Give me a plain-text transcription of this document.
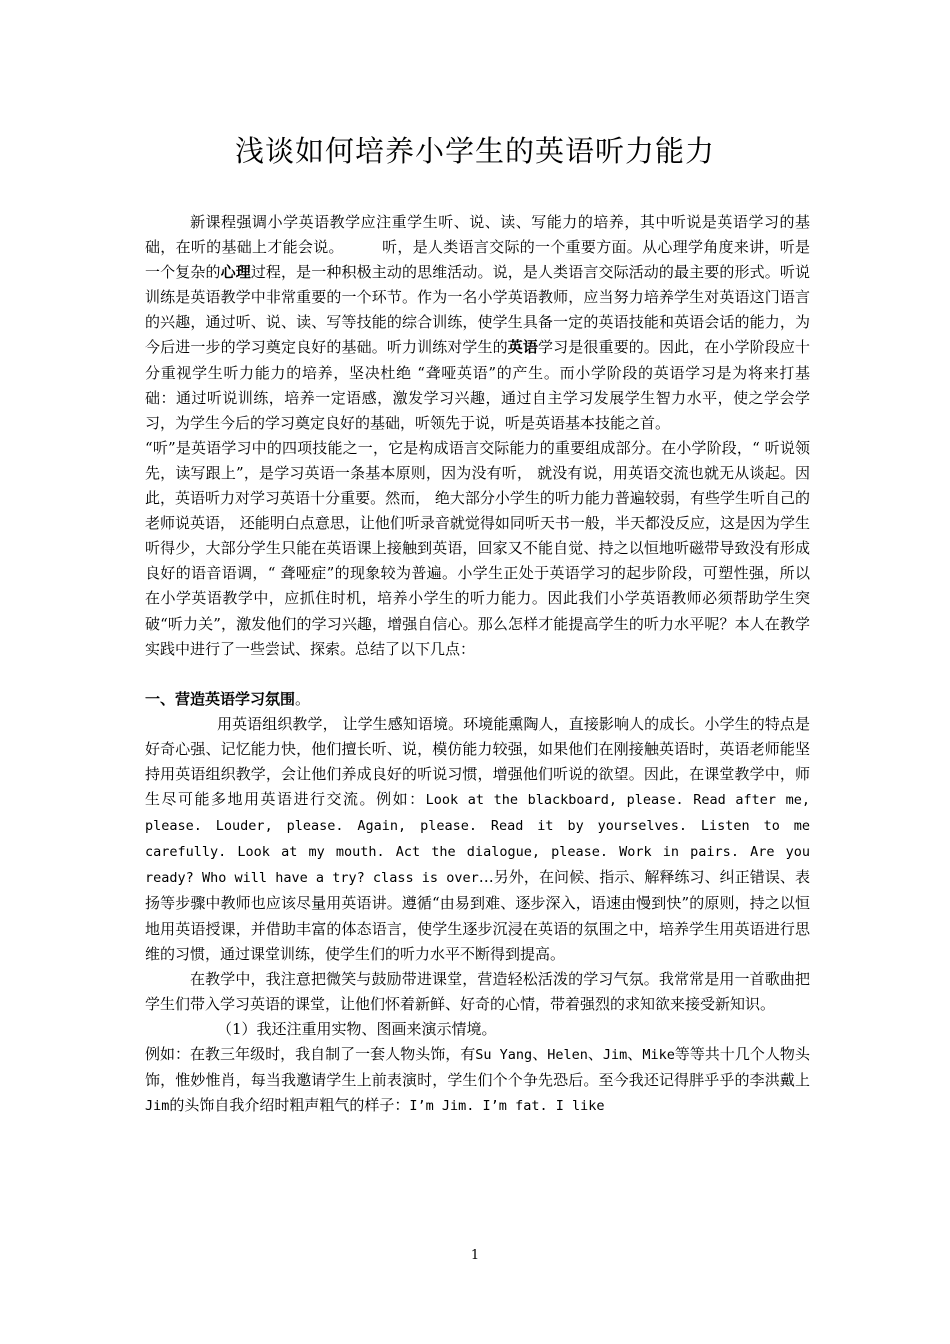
浅谈如何培养小学生的英语听力能力

新课程强调小学英语教学应注重学生听、说、读、写能力的培养，其中听说是英语学习的基础，在听的基础上才能会说。　　　听，是人类语言交际的一个重要方面。从心理学角度来讲，听是一个复杂的心理过程，是一种积极主动的思维活动。说，是人类语言交际活动的最主要的形式。听说训练是英语教学中非常重要的一个环节。作为一名小学英语教师，应当努力培养学生对英语这门语言的兴趣，通过听、说、读、写等技能的综合训练，使学生具备一定的英语技能和英语会话的能力，为今后进一步的学习奠定良好的基础。听力训练对学生的英语学习是很重要的。因此，在小学阶段应十分重视学生听力能力的培养，坚决杜绝 “聋哑英语”的产生。而小学阶段的英语学习是为将来打基础：通过听说训练，培养一定语感，激发学习兴趣，通过自主学习发展学生智力水平，使之学会学习，为学生今后的学习奠定良好的基础，听领先于说，听是英语基本技能之首。

“听”是英语学习中的四项技能之一，它是构成语言交际能力的重要组成部分。在小学阶段，“ 听说领先，读写跟上”，是学习英语一条基本原则，因为没有听， 就没有说，用英语交流也就无从谈起。因此，英语听力对学习英语十分重要。然而， 绝大部分小学生的听力能力普遍较弱，有些学生听自己的老师说英语， 还能明白点意思，让他们听录音就觉得如同听天书一般，半天都没反应，这是因为学生听得少，大部分学生只能在英语课上接触到英语，回家又不能自觉、持之以恒地听磁带导致没有形成良好的语音语调，“ 聋哑症”的现象较为普遍。小学生正处于英语学习的起步阶段，可塑性强，所以在小学英语教学中，应抓住时机，培养小学生的听力能力。因此我们小学英语教师必须帮助学生突破“听力关”，激发他们的学习兴趣，增强自信心。那么怎样才能提高学生的听力水平呢？本人在教学实践中进行了一些尝试、探索。总结了以下几点：

一、营造英语学习氛围。

用英语组织教学， 让学生感知语境。环境能熏陶人，直接影响人的成长。小学生的特点是好奇心强、记忆能力快，他们擅长听、说，模仿能力较强，如果他们在刚接触英语时，英语老师能坚持用英语组织教学，会让他们养成良好的听说习惯，增强他们听说的欲望。因此，在课堂教学中，师生尽可能多地用英语进行交流。例如：Look at the blackboard, please. Read after me, please. Louder, please. Again, please. Read it by yourselves. Listen to me carefully. Look at my mouth. Act the dialogue, please. Work in pairs. Are you ready? Who will have a try? class is over…另外，在问候、指示、解释练习、纠正错误、表扬等步骤中教师也应该尽量用英语讲。遵循“由易到难、逐步深入，语速由慢到快”的原则，持之以恒地用英语授课，并借助丰富的体态语言，使学生逐步沉浸在英语的氛围之中，培养学生用英语进行思维的习惯，通过课堂训练，使学生们的听力水平不断得到提高。

在教学中，我注意把微笑与鼓励带进课堂，营造轻松活泼的学习气氛。我常常是用一首歌曲把学生们带入学习英语的课堂，让他们怀着新鲜、好奇的心情，带着强烈的求知欲来接受新知识。

（1）我还注重用实物、图画来演示情境。

例如：在教三年级时，我自制了一套人物头饰，有Su Yang、Helen、Jim、Mike等等共十几个人物头饰，惟妙惟肖，每当我邀请学生上前表演时，学生们个个争先恐后。至今我还记得胖乎乎的李洪戴上Jim的头饰自我介绍时粗声粗气的样子：I’m Jim. I’m fat. I like

1
